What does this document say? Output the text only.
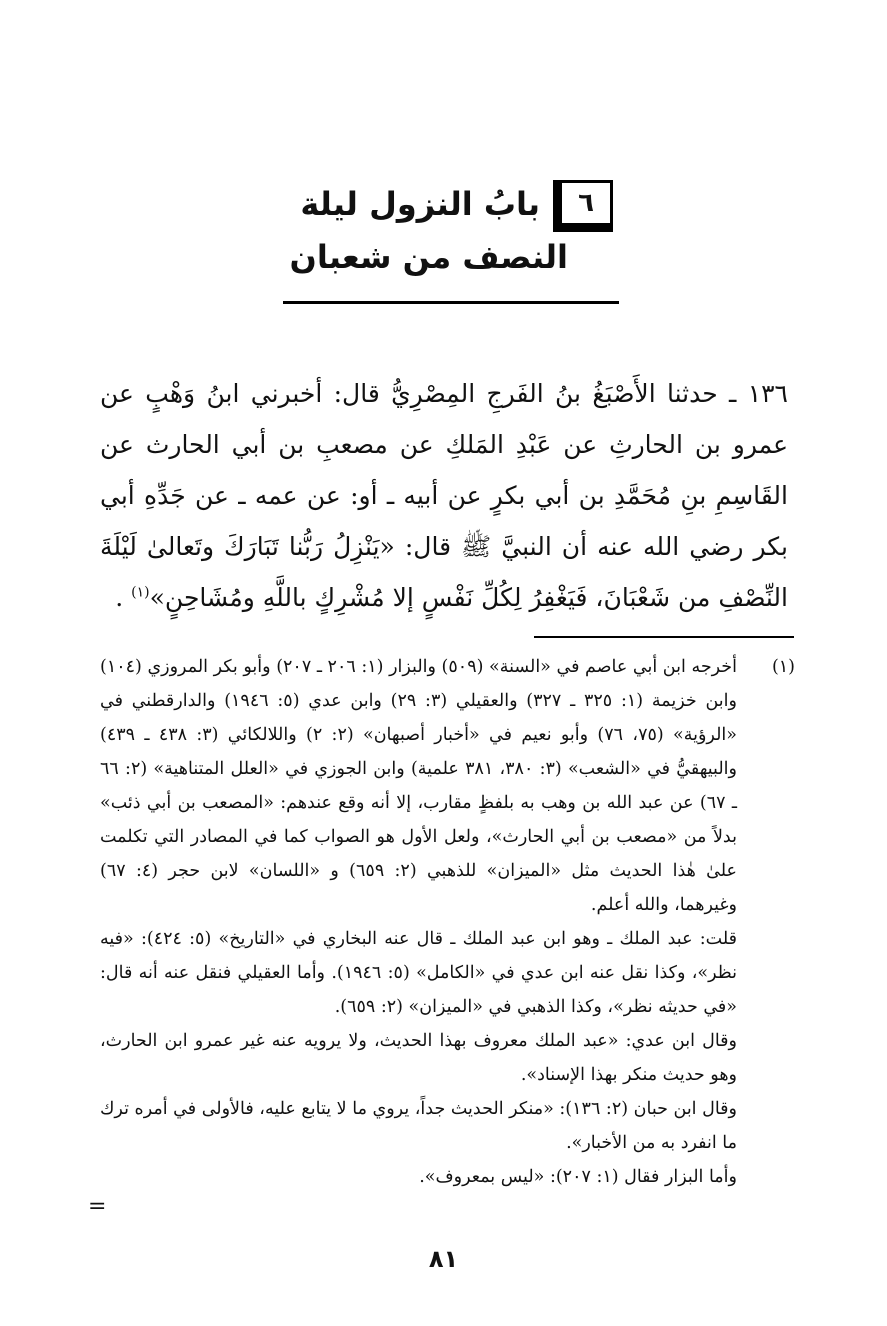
٦
بابُ النزول ليلة
النصف من شعبان

١٣٦ ـ حدثنا الأَصْبَغُ بنُ الفَرجِ المِصْرِيُّ قال: أخبرني ابنُ وَهْبٍ عن عمرو بن الحارثِ عن عَبْدِ المَلكِ عن مصعبِ بن أبي الحارث عن القَاسِمِ بنِ مُحَمَّدِ بن أبي بكرٍ عن أبيه ـ أو: عن عمه ـ عن جَدِّهِ أبي بكر رضي الله عنه أن النبيَّ ﷺ قال: «يَنْزِلُ رَبُّنا تَبَارَكَ وتَعالىٰ لَيْلَةَ النِّصْفِ من شَعْبَانَ، فَيَغْفِرُ لِكُلِّ نَفْسٍ إلا مُشْرِكٍ باللَّهِ ومُشَاحِنٍ»$^{(١)}$ .

(١)

أخرجه ابن أبي عاصم في «السنة» (٥٠٩) والبزار (١: ٢٠٦ ـ ٢٠٧) وأبو بكر المروزي (١٠٤) وابن خزيمة (١: ٣٢٥ ـ ٣٢٧) والعقيلي (٣: ٢٩) وابن عدي (٥: ١٩٤٦) والدارقطني في «الرؤية» (٧٥، ٧٦) وأبو نعيم في «أخبار أصبهان» (٢: ٢) واللالكائي (٣: ٤٣٨ ـ ٤٣٩) والبيهقيُّ في «الشعب» (٣: ٣٨٠، ٣٨١ علمية) وابن الجوزي في «العلل المتناهية» (٢: ٦٦ ـ ٦٧) عن عبد الله بن وهب به بلفظٍ مقارب، إلا أنه وقع عندهم: «المصعب بن أبي ذئب» بدلاً من «مصعب بن أبي الحارث»، ولعل الأول هو الصواب كما في المصادر التي تكلمت علىٰ هٰذا الحديث مثل «الميزان» للذهبي (٢: ٦٥٩) و «اللسان» لابن حجر (٤: ٦٧) وغيرهما، والله أعلم.

قلت: عبد الملك ـ وهو ابن عبد الملك ـ قال عنه البخاري في «التاريخ» (٥: ٤٢٤): «فيه نظر»، وكذا نقل عنه ابن عدي في «الكامل» (٥: ١٩٤٦). وأما العقيلي فنقل عنه أنه قال: «في حديثه نظر»، وكذا الذهبي في «الميزان» (٢: ٦٥٩).

وقال ابن عدي: «عبد الملك معروف بهذا الحديث، ولا يرويه عنه غير عمرو ابن الحارث، وهو حديث منكر بهذا الإسناد».

وقال ابن حبان (٢: ١٣٦): «منكر الحديث جداً، يروي ما لا يتابع عليه، فالأولى في أمره ترك ما انفرد به من الأخبار».

وأما البزار فقال (١: ٢٠٧): «ليس بمعروف».

=
٨١
